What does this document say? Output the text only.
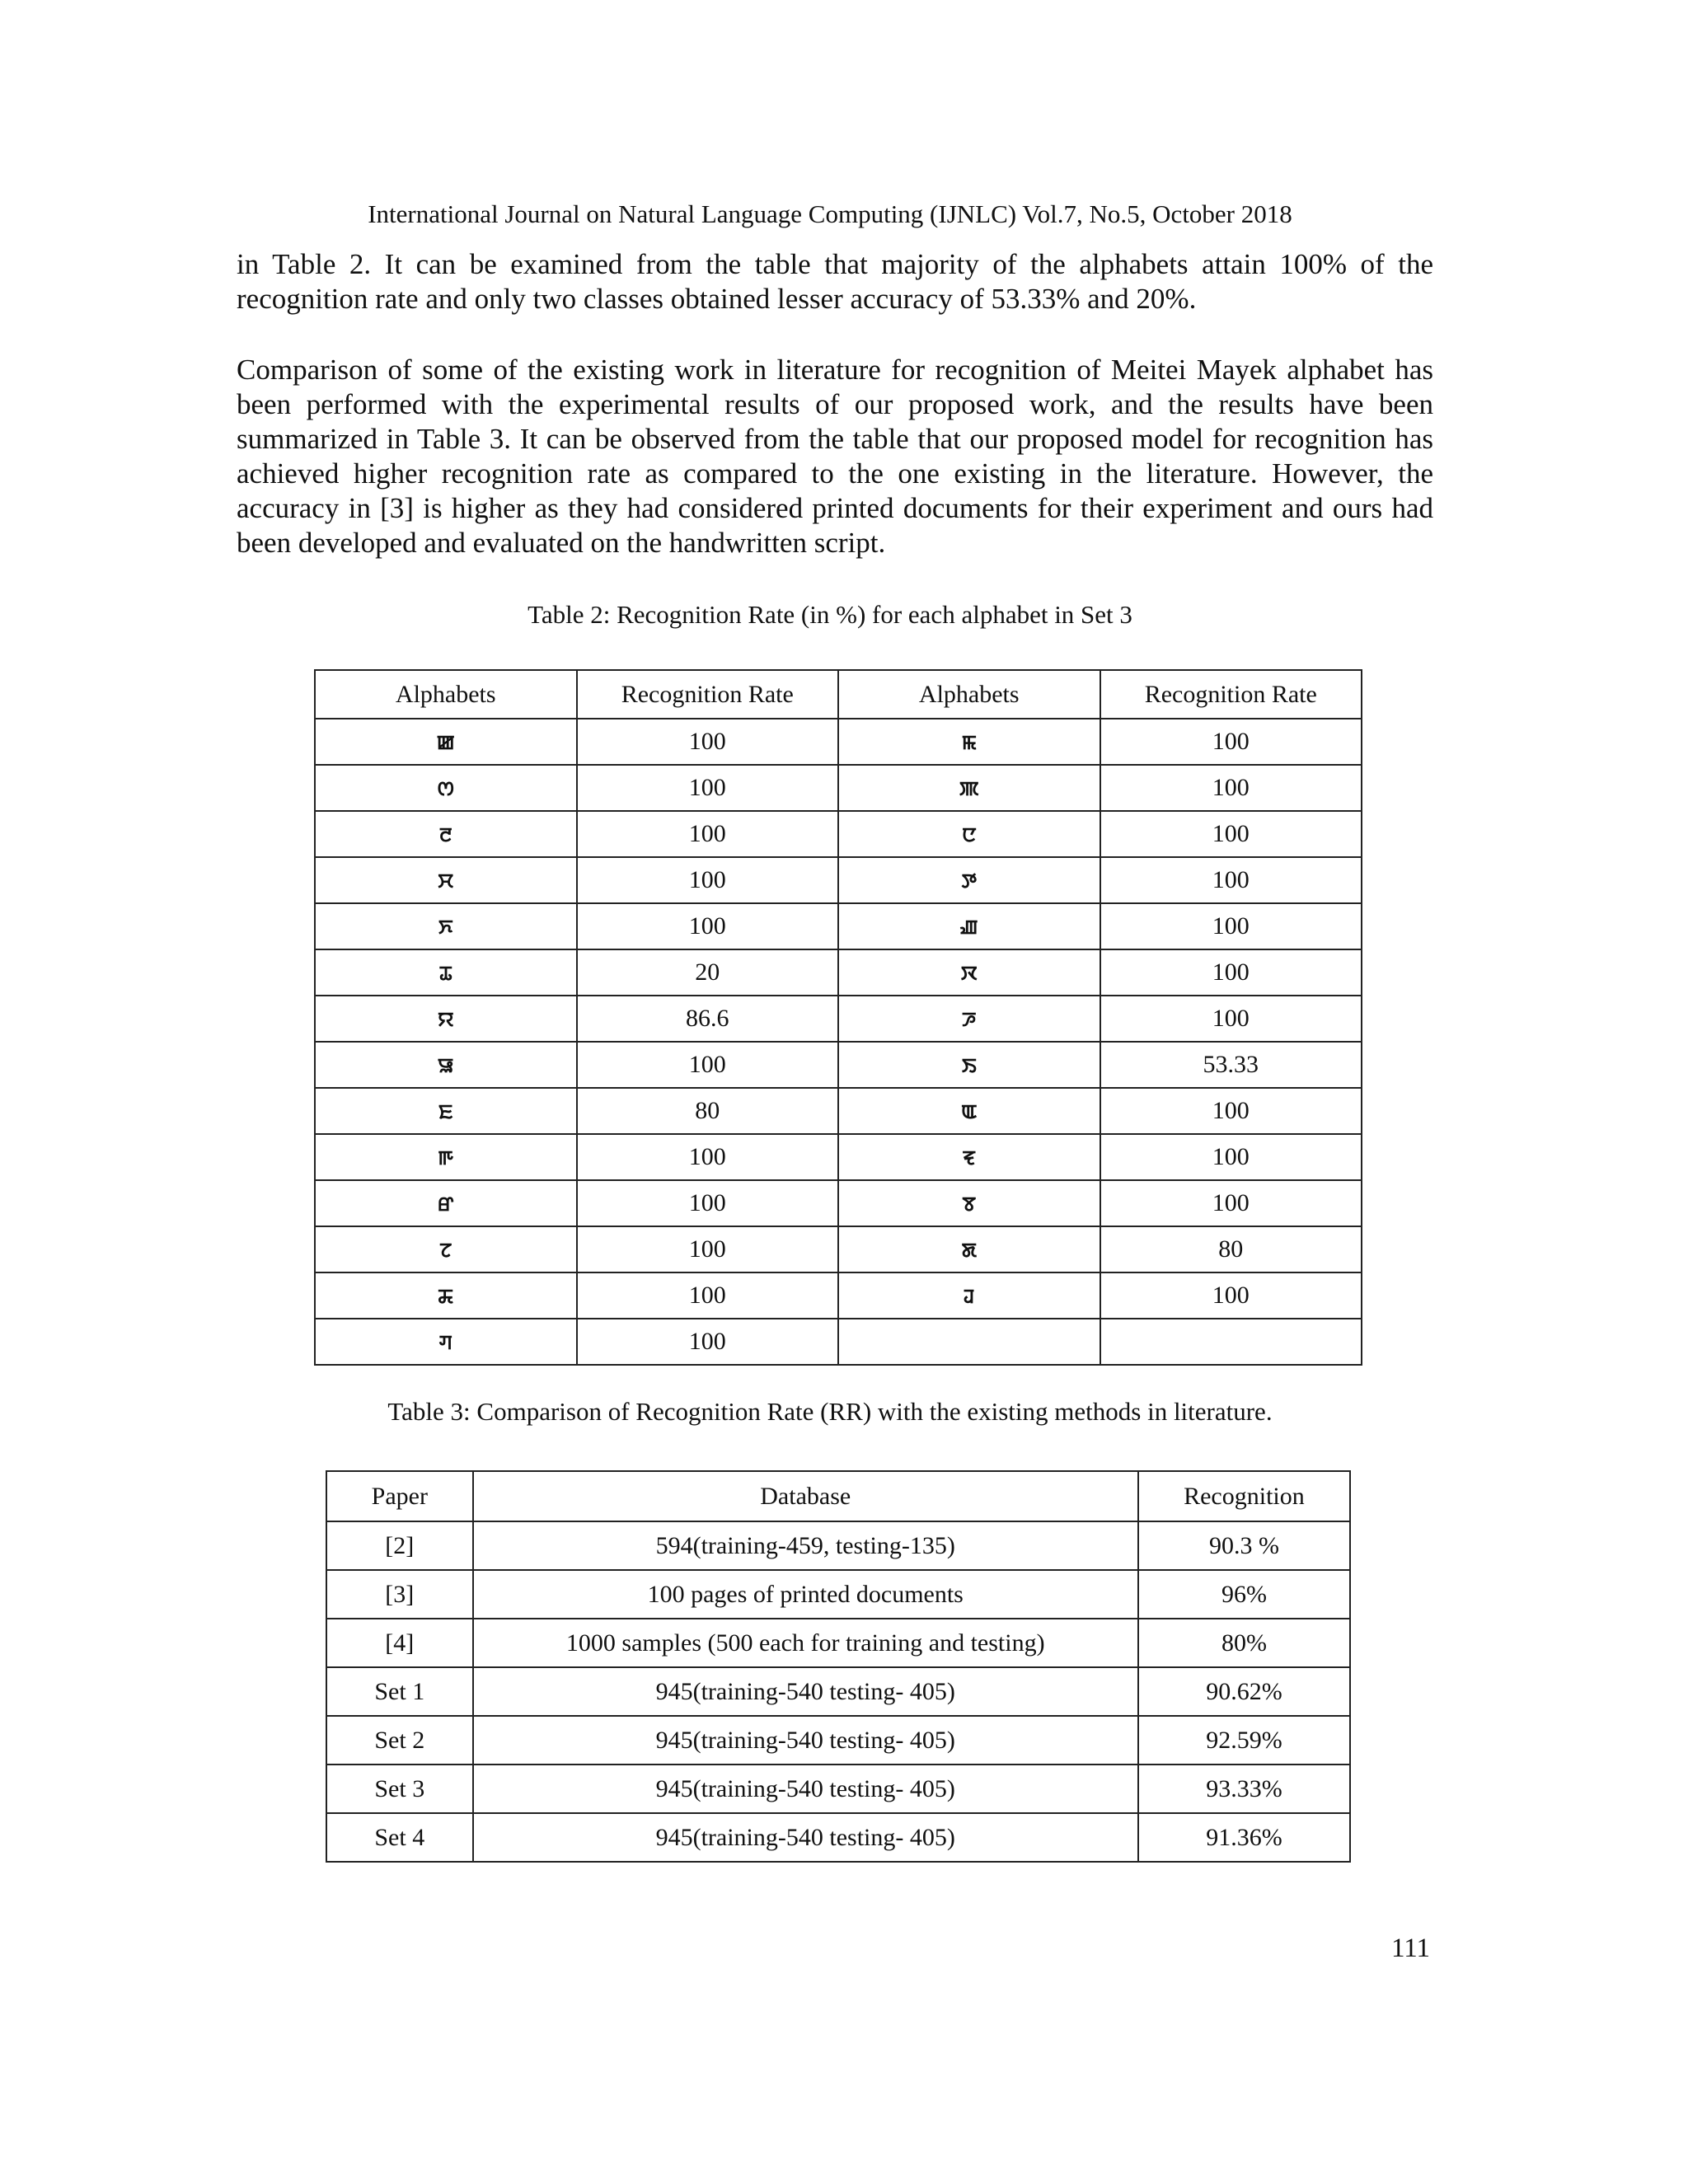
International Journal on Natural Language Computing (IJNLC) Vol.7, No.5, October 2018

in Table 2. It can be examined from the table that majority of the alphabets attain 100% of the recognition rate and only two classes obtained lesser accuracy of 53.33% and 20%.

Comparison of some of the existing work in literature for recognition of Meitei Mayek alphabet has been performed with the experimental results of our proposed work, and the results have been summarized in Table 3. It can be observed from the table that our proposed model for recognition has achieved higher recognition rate as compared to the one existing in the literature. However, the accuracy in [3] is higher as they had considered printed documents for their experiment and ours had been developed and evaluated on the handwritten script.

Table 2: Recognition Rate (in %) for each alphabet in Set 3
Alphabets	Recognition Rate	Alphabets	Recognition Rate
ꯀ	100	ꯃ	100
ꯁ	100	ꯄ	100
ꯂ	100	ꯅ	100
ꯆ	100	ꯇ	100
ꯈ	100	ꯉ	100
ꯊ	20	ꯋ	100
ꯌ	86.6	ꯍ	100
ꯎ	100	ꯏ	53.33
ꯐ	80	ꯑ	100
ꯒ	100	ꯓ	100
ꯔ	100	ꯕ	100
ꯖ	100	ꯗ	80
ꯘ	100	ꯙ	100
ꯚ	100		
Table 3: Comparison of Recognition Rate (RR) with the existing methods in literature.
Paper	Database	Recognition
[2]	594(training-459, testing-135)	90.3 %
[3]	100 pages of printed documents	96%
[4]	1000 samples (500 each for training and testing)	80%
Set 1	945(training-540 testing- 405)	90.62%
Set 2	945(training-540 testing- 405)	92.59%
Set 3	945(training-540 testing- 405)	93.33%
Set 4	945(training-540 testing- 405)	91.36%
111
